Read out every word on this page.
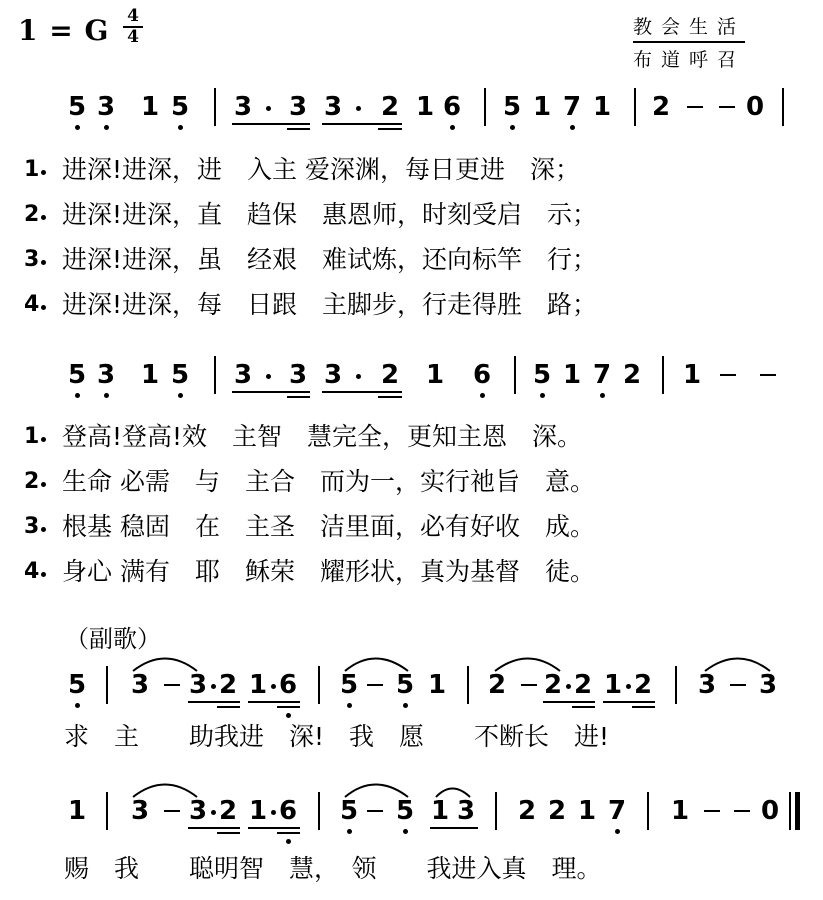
1 = G 4
4	教会生活
布道呼召
5 3 1 5 3 3 3 2 1 6 5 1 7 1 2	0
5 3 1 5 3 3 3 2 1 6 5 1 7 2 1
5 3 3 2 1 6 5 5 1 2 2 2 1 2 3 3
1 3 3 2 1 6 5 5 1 3 2 2 1 7 1	0
1 进深!进深，进　入主 爱深渊，每日更进　深；
2 进深!进深，直　趋保　惠恩师，时刻受启　示；
3 进深!进深，虽　经艰　难试炼，还向标竿　行；
4 进深!进深，每　日跟　主脚步，行走得胜　路；
1 登高!登高!效　主智　慧完全，更知主恩　深。
2 生命 必需　与　主合　而为一，实行祂旨　意。
3 根基 稳固　在　主圣　洁里面，必有好收　成。
4 身心 满有　耶　稣荣　耀形状，真为基督　徒。
（副歌）
求　主　　助我进　深!　我　愿　　不断长　进!
赐　我　　聪明智　慧，　领　　我进入真　理。
